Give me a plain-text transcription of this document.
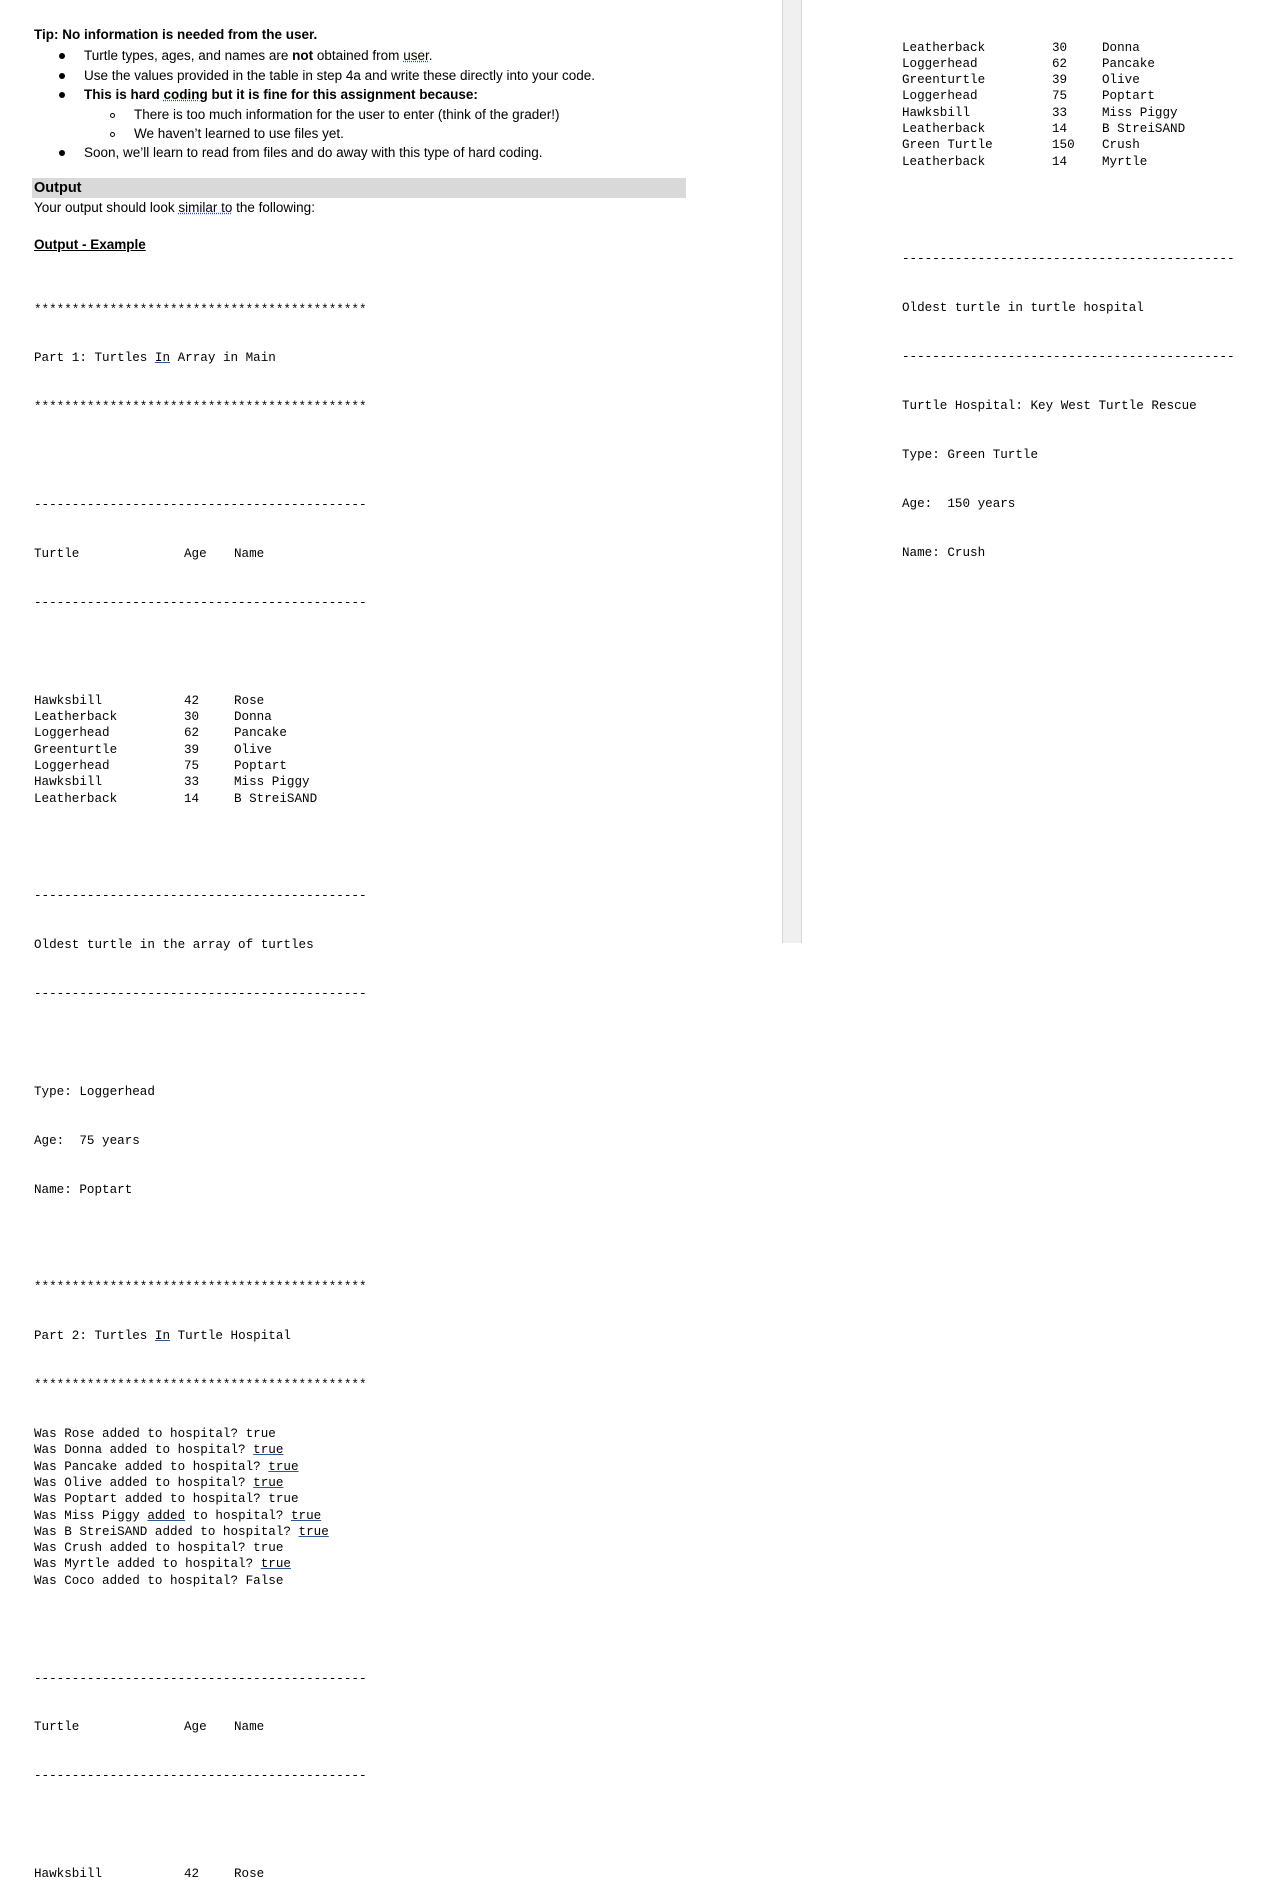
Tip: No information is needed from the user.
Turtle types, ages, and names are not obtained from user.
Use the values provided in the table in step 4a and write these directly into your code.
This is hard coding but it is fine for this assignment because:
There is too much information for the user to enter (think of the grader!)
We haven’t learned to use files yet.
Soon, we’ll learn to read from files and do away with this type of hard coding.
Output
Your output should look similar to the following:
Output - Example

********************************************

Part 1: Turtles In Array in Main

********************************************

--------------------------------------------

Turtle	Age Name

--------------------------------------------

Hawksbill	42	Rose
Leatherback	30	Donna
Loggerhead	62	Pancake
Greenturtle	39	Olive
Loggerhead	75	Poptart
Hawksbill	33	Miss Piggy
Leatherback	14	B StreiSAND

--------------------------------------------

Oldest turtle in the array of turtles

--------------------------------------------

Type: Loggerhead

Age:  75 years

Name: Poptart

********************************************

Part 2: Turtles In Turtle Hospital

********************************************

Was Rose added to hospital? true
Was Donna added to hospital? true
Was Pancake added to hospital? true
Was Olive added to hospital? true
Was Poptart added to hospital? true
Was Miss Piggy added to hospital? true
Was B StreiSAND added to hospital? true
Was Crush added to hospital? true
Was Myrtle added to hospital? true
Was Coco added to hospital? False

--------------------------------------------

Turtle	Age Name

--------------------------------------------

Hawksbill	42	Rose

Leatherback	30	Donna
Loggerhead	62	Pancake
Greenturtle	39	Olive
Loggerhead	75	Poptart
Hawksbill	33	Miss Piggy
Leatherback	14	B StreiSAND
Green Turtle	150 Crush
Leatherback	14	Myrtle

--------------------------------------------

Oldest turtle in turtle hospital

--------------------------------------------

Turtle Hospital: Key West Turtle Rescue

Type: Green Turtle

Age:  150 years

Name: Crush
